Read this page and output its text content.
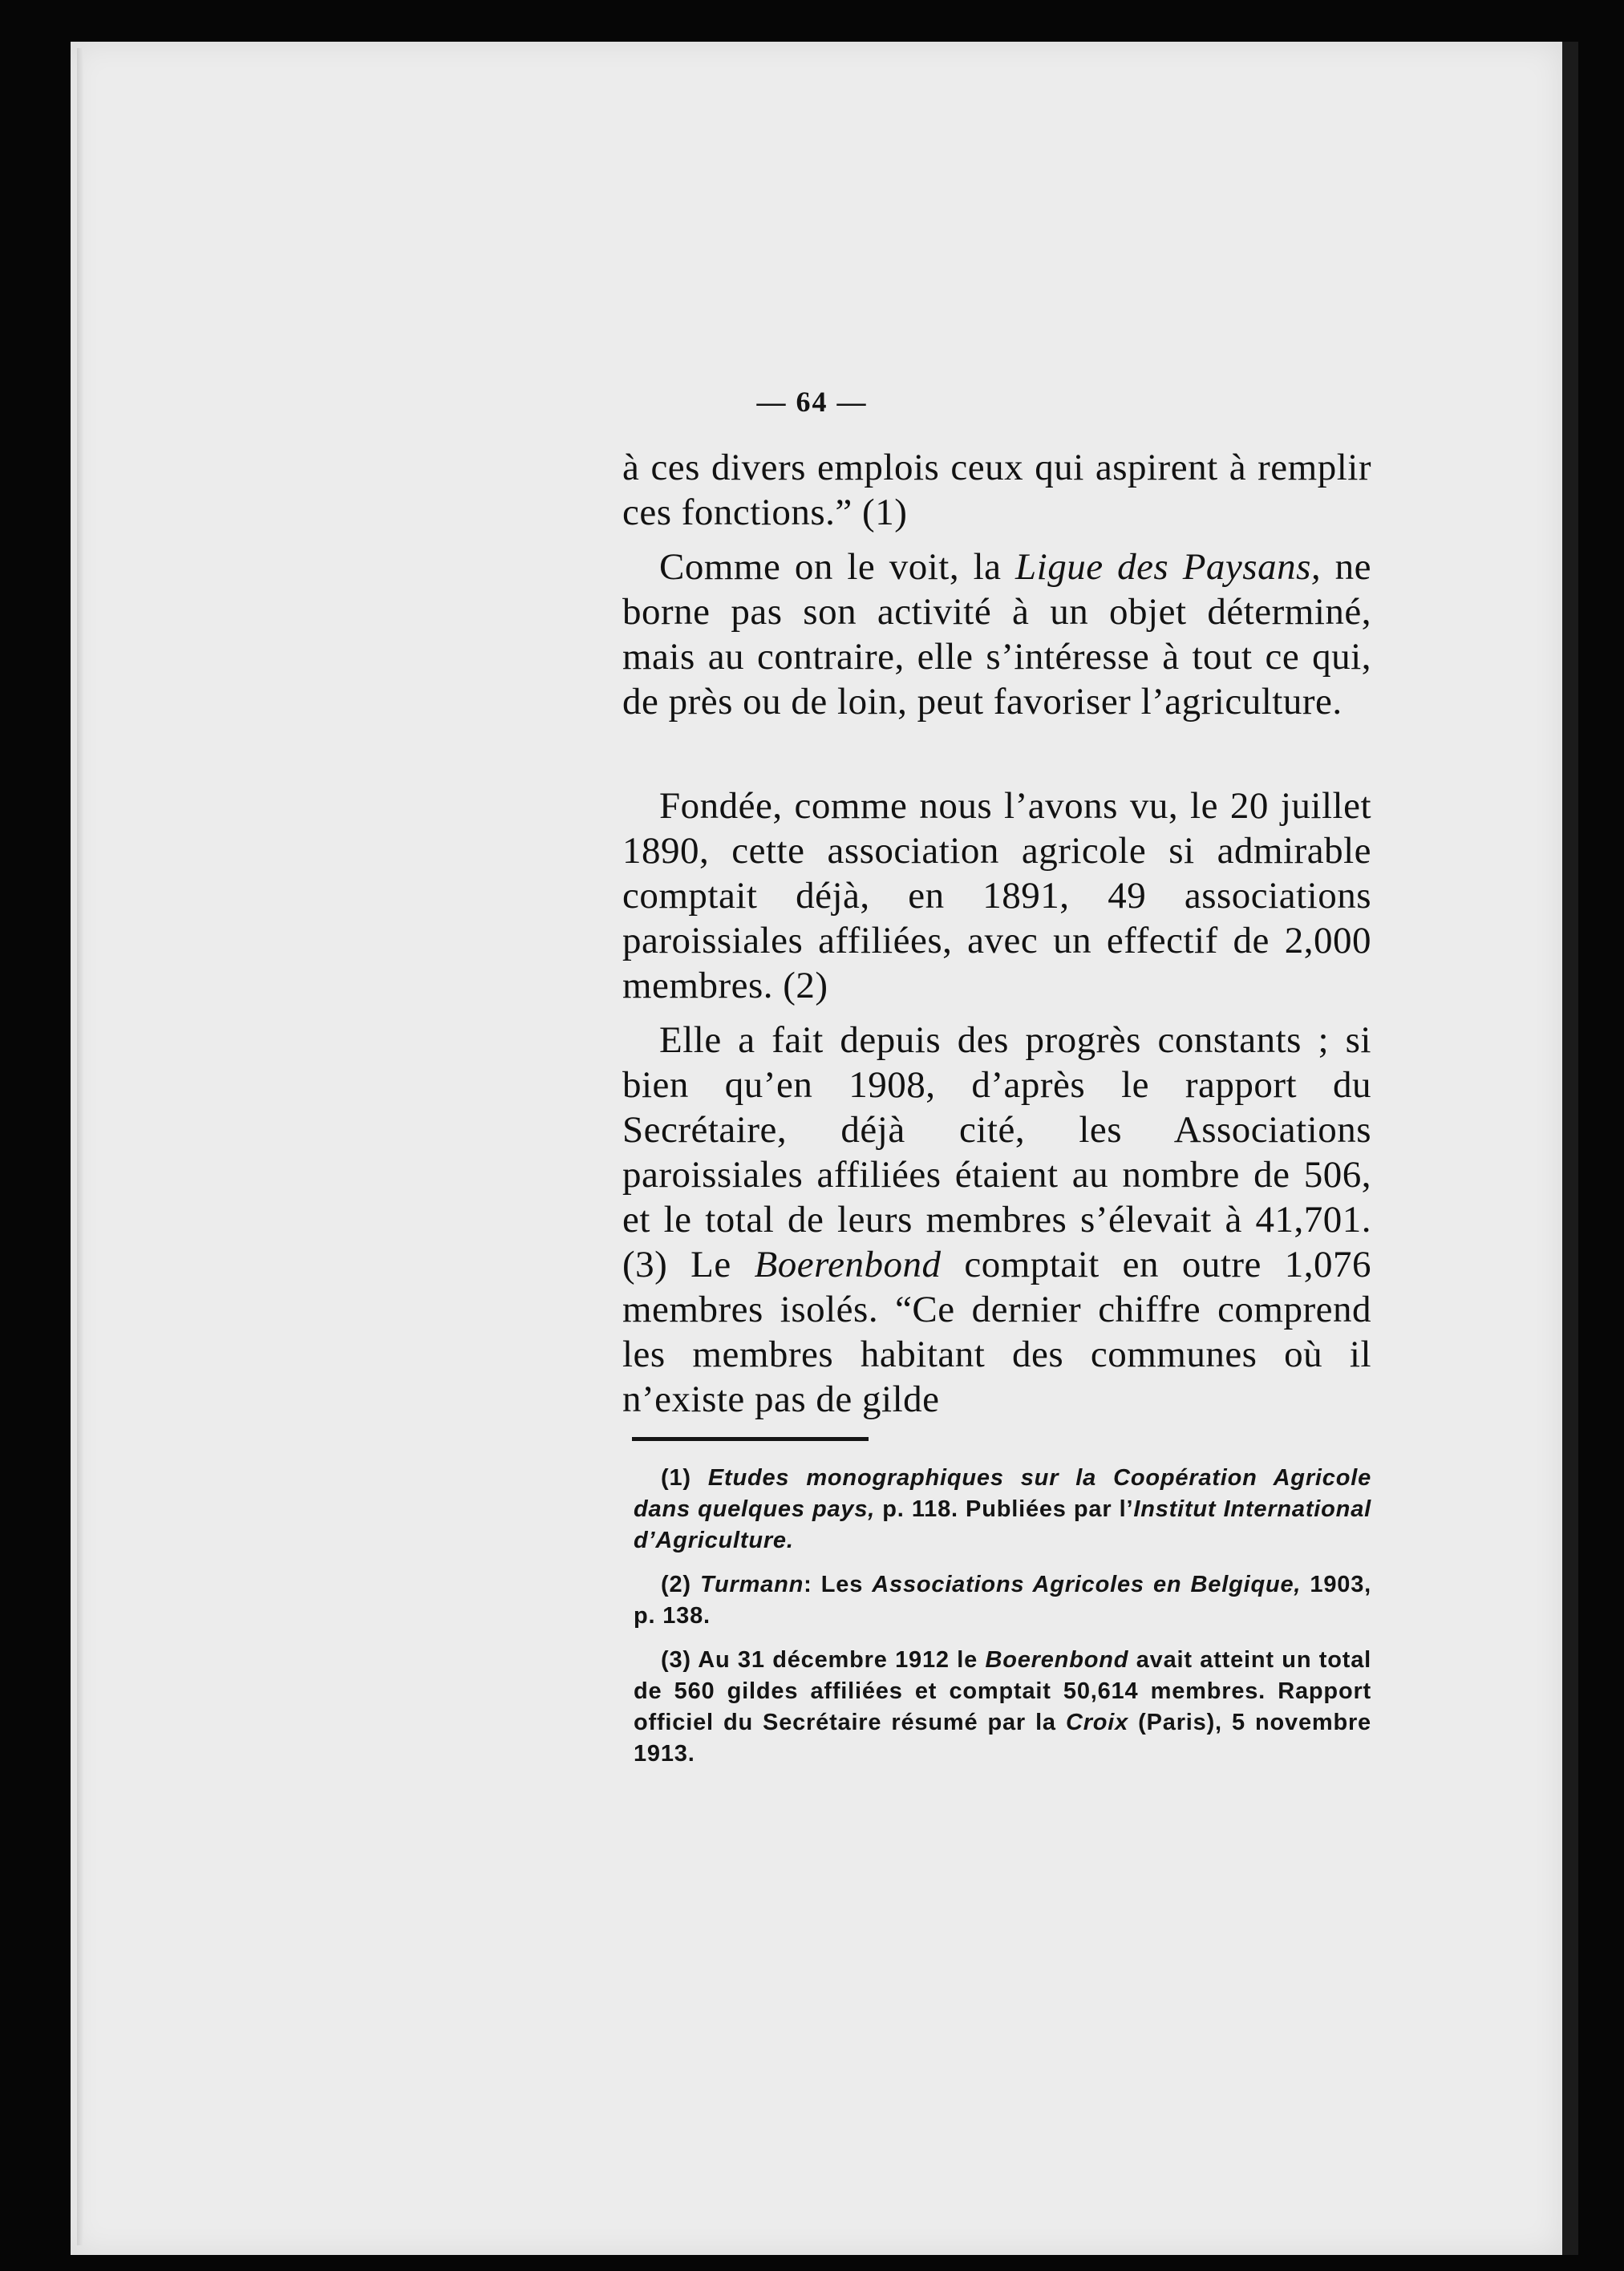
— 64 —

à ces divers emplois ceux qui aspirent à remplir ces fonctions.” (1)

Comme on le voit, la Ligue des Paysans, ne borne pas son activité à un objet déterminé, mais au contraire, elle s’intéresse à tout ce qui, de près ou de loin, peut favoriser l’agriculture.

Fondée, comme nous l’avons vu, le 20 juillet 1890, cette association agricole si admirable comptait déjà, en 1891, 49 associations paroissiales affiliées, avec un effectif de 2,000 membres. (2)

Elle a fait depuis des progrès constants ; si bien qu’en 1908, d’après le rapport du Secrétaire, déjà cité, les Associations paroissiales affiliées étaient au nombre de 506, et le total de leurs membres s’élevait à 41,701. (3) Le Boerenbond comptait en outre 1,076 membres isolés. “Ce dernier chiffre comprend les membres habitant des communes où il n’existe pas de gilde

(1) Etudes monographiques sur la Coopération Agricole dans quelques pays, p. 118. Publiées par l’Institut International d’Agriculture.

(2) Turmann: Les Associations Agricoles en Belgique, 1903, p. 138.

(3) Au 31 décembre 1912 le Boerenbond avait atteint un total de 560 gildes affiliées et comptait 50,614 membres. Rapport officiel du Secrétaire résumé par la Croix (Paris), 5 novembre 1913.
